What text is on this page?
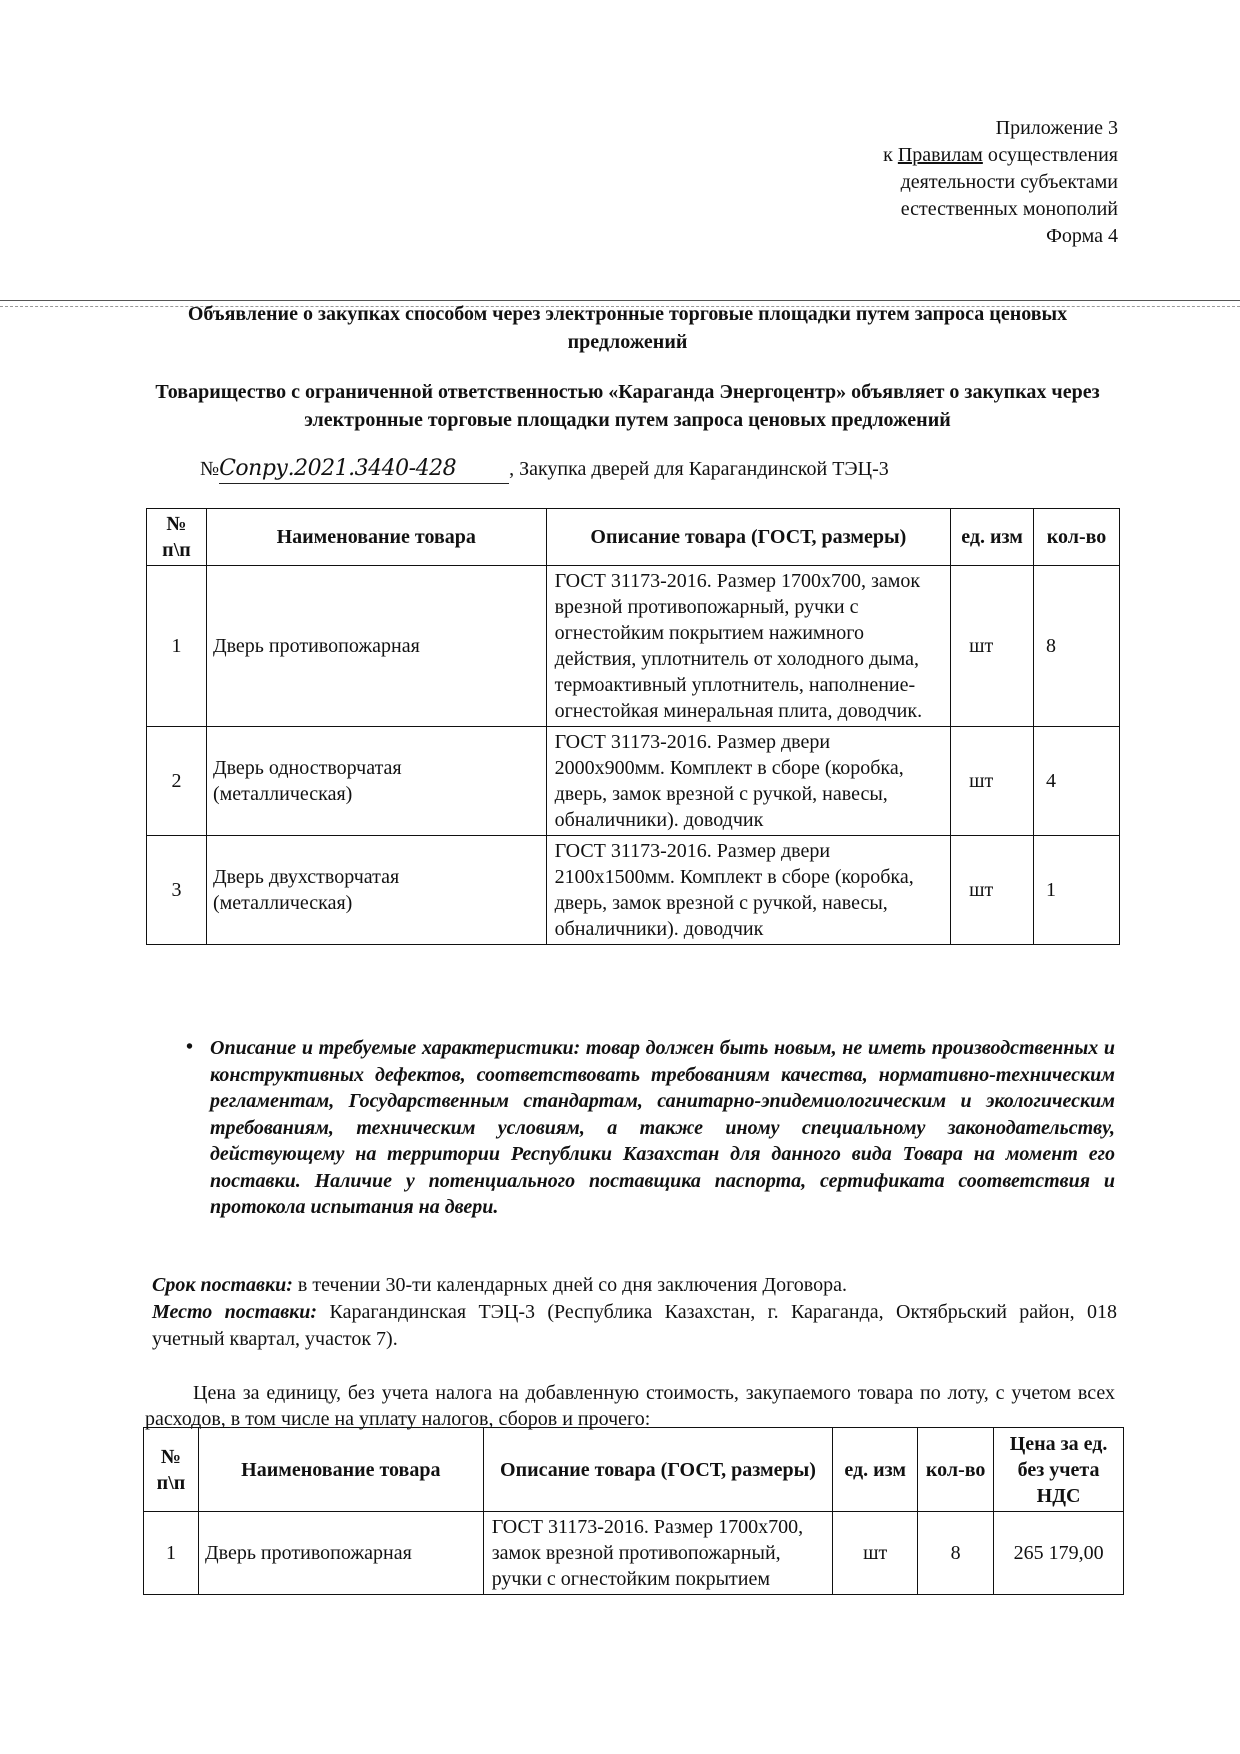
Приложение 3
к Правилам осуществления
деятельности субъектами
естественных монополий
Форма 4
Объявление о закупках способом через электронные торговые площадки путем запроса ценовых предложений
Товарищество с ограниченной ответственностью «Караганда Энергоцентр» объявляет о закупках через электронные торговые площадки путем запроса ценовых предложений
№Сопру.2021.3440-428	, Закупка дверей для Карагандинской ТЭЦ-3
№ п\п	Наименование товара	Описание товара (ГОСТ, размеры)	ед. изм	кол-во
1	Дверь противопожарная	ГОСТ 31173-2016. Размер 1700х700, замок врезной противопожарный, ручки с огнестойким покрытием нажимного действия, уплотнитель от холодного дыма, термоактивный уплотнитель, наполнение-огнестойкая минеральная плита, доводчик.	шт	8
2	Дверь одностворчатая (металлическая)	ГОСТ 31173-2016. Размер двери 2000х900мм. Комплект в сборе (коробка, дверь, замок врезной с ручкой, навесы, обналичники). доводчик	шт	4
3	Дверь двухстворчатая (металлическая)	ГОСТ 31173-2016. Размер двери 2100х1500мм. Комплект в сборе (коробка, дверь, замок врезной с ручкой, навесы, обналичники). доводчик	шт	1
• Описание и требуемые характеристики: товар должен быть новым, не иметь производственных и конструктивных дефектов, соответствовать требованиям качества, нормативно-техническим регламентам, Государственным стандартам, санитарно-эпидемиологическим и экологическим требованиям, техническим условиям, а также иному специальному законодательству, действующему на территории Республики Казахстан для данного вида Товара на момент его поставки. Наличие у потенциального поставщика паспорта, сертификата соответствия и протокола испытания на двери.
Срок поставки: в течении 30-ти календарных дней со дня заключения Договора.
Место поставки: Карагандинская ТЭЦ-3 (Республика Казахстан, г. Караганда, Октябрьский район, 018 учетный квартал, участок 7).
Цена за единицу, без учета налога на добавленную стоимость, закупаемого товара по лоту, с учетом всех расходов, в том числе на уплату налогов, сборов и прочего:
№ п\п	Наименование товара	Описание товара (ГОСТ, размеры)	ед. изм	кол-во	Цена за ед. без учета НДС
1	Дверь противопожарная	ГОСТ 31173-2016. Размер 1700х700, замок врезной противопожарный, ручки с огнестойким покрытием	шт	8	265 179,00
